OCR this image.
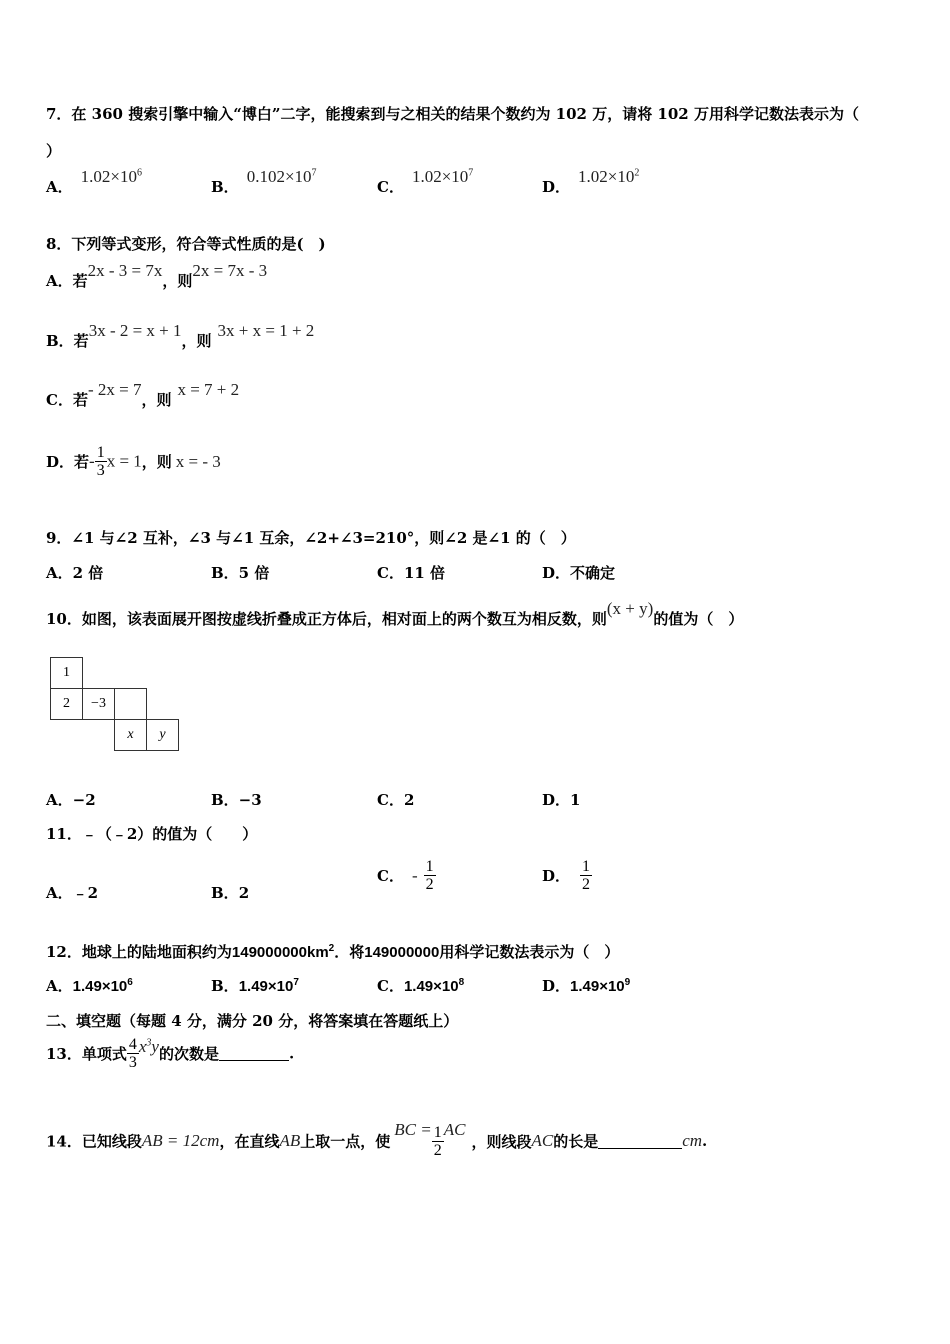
7．在 360 搜索引擎中输入“博白”二字，能搜索到与之相关的结果个数约为 102 万，请将 102 万用科学记数法表示为（
）
A．$1.02\times 10^6$
B．$0.102\times 10^7$
C．$1.02\times 10^7$
D．$1.02\times 10^2$
8．下列等式变形，符合等式性质的是(　)
A．若2x - 3 = 7x，则2x = 7x - 3
B．若3x - 2 = x + 1，则3x + x = 1 + 2
C．若- 2x = 7，则x = 7 + 2
D．若- $\frac{1}{3}$ x = 1，则 x = - 3
9．∠1 与∠2 互补，∠3 与∠1 互余，∠2+∠3=210°，则∠2 是∠1 的（　）
A．2 倍	B．5 倍	C．11 倍	D．不确定
10．如图，该表面展开图按虚线折叠成正方体后，相对面上的两个数互为相反数，则(x + y)的值为（　）
1			
2	−3		
		x	y
A．−2	B．−3	C．2	D．1
11．﹣（﹣2）的值为（　　）
A．﹣2	B．2
C． - $\frac{1}{2}$	D． $\frac{1}{2}$
12．地球上的陆地面积约为$149000000km^2$．将149000000用科学记数法表示为（　）
A．$1.49\times 10^6$	B．$1.49\times 10^7$	C．$1.49\times 10^8$	D．$1.49\times 10^9$
二、填空题（每题 4 分，满分 20 分，将答案填在答题纸上）
13．单项式 $\frac{4}{3} x^3y$的次数是	.
14．已知线段AB = 12cm，在直线AB上取一点，使BC = $\frac{1}{2}$ AC，则线段AC的长是	cm.
